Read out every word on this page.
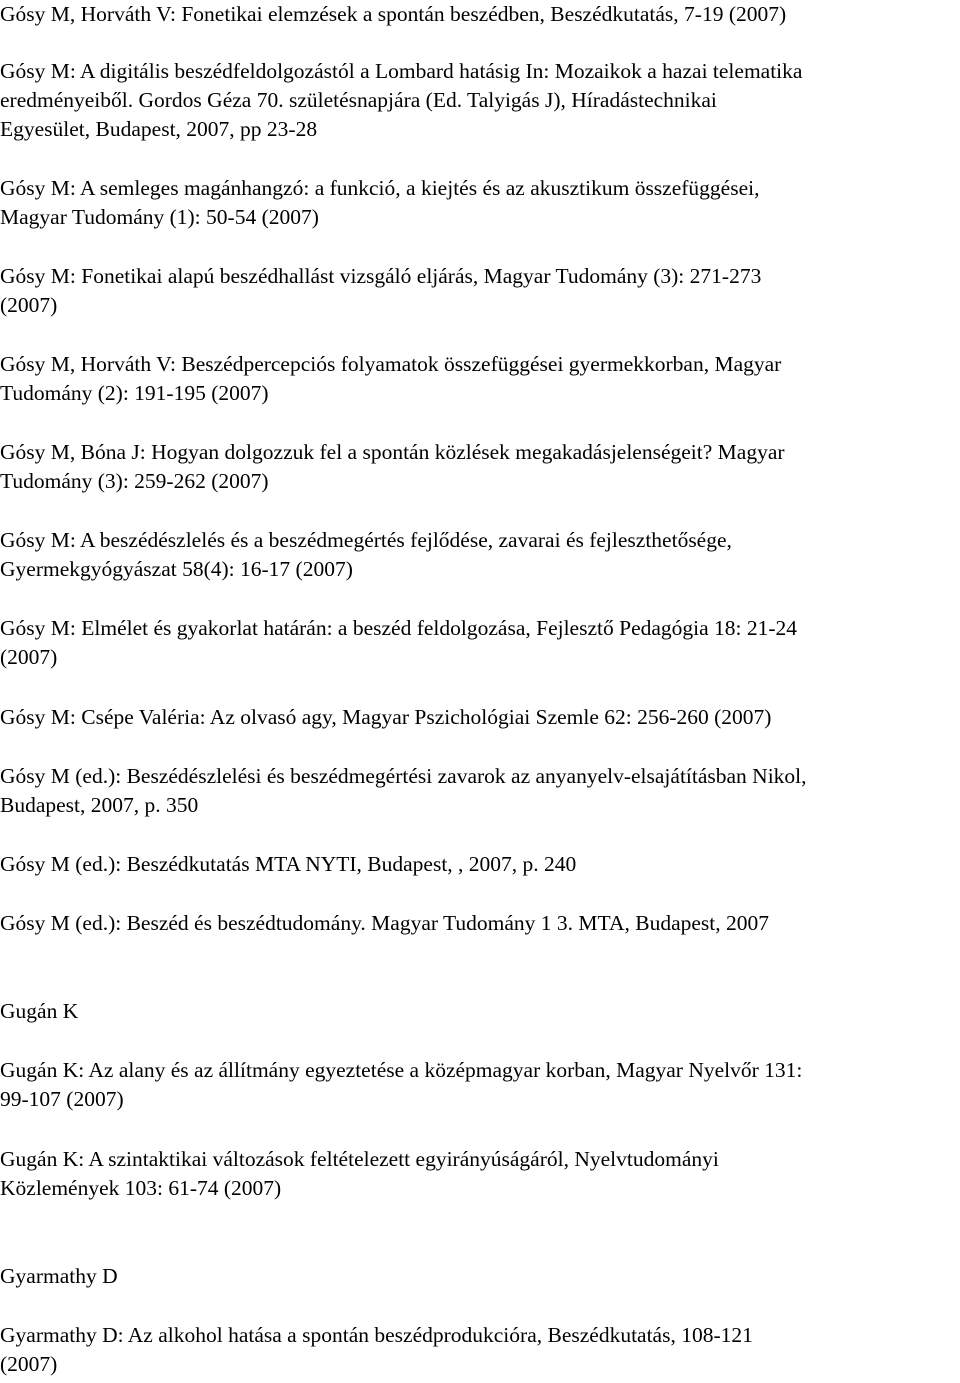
Gósy M, Horváth V: Fonetikai elemzések a spontán beszédben, Beszédkutatás, 7-19 (2007)
Gósy M: A digitális beszédfeldolgozástól a Lombard hatásig In: Mozaikok a hazai telematika
eredményeiből. Gordos Géza 70. születésnapjára (Ed. Talyigás J), Híradástechnikai
Egyesület, Budapest, 2007, pp 23-28
Gósy M: A semleges magánhangzó: a funkció, a kiejtés és az akusztikum összefüggései,
Magyar Tudomány (1): 50-54 (2007)
Gósy M: Fonetikai alapú beszédhallást vizsgáló eljárás, Magyar Tudomány (3): 271-273
(2007)
Gósy M, Horváth V: Beszédpercepciós folyamatok összefüggései gyermekkorban, Magyar
Tudomány (2): 191-195 (2007)
Gósy M, Bóna J: Hogyan dolgozzuk fel a spontán közlések megakadásjelenségeit? Magyar
Tudomány (3): 259-262 (2007)
Gósy M: A beszédészlelés és a beszédmegértés fejlődése, zavarai és fejleszthetősége,
Gyermekgyógyászat 58(4): 16-17 (2007)
Gósy M: Elmélet és gyakorlat határán: a beszéd feldolgozása, Fejlesztő Pedagógia 18: 21-24
(2007)
Gósy M: Csépe Valéria: Az olvasó agy, Magyar Pszichológiai Szemle 62: 256-260 (2007)
Gósy M (ed.): Beszédészlelési és beszédmegértési zavarok az anyanyelv-elsajátításban Nikol,
Budapest, 2007, p. 350
Gósy M (ed.): Beszédkutatás MTA NYTI, Budapest, , 2007, p. 240
Gósy M (ed.): Beszéd és beszédtudomány. Magyar Tudomány 1 3. MTA, Budapest, 2007
Gugán K
Gugán K: Az alany és az állítmány egyeztetése a középmagyar korban, Magyar Nyelvőr 131:
99-107 (2007)
Gugán K: A szintaktikai változások feltételezett egyirányúságáról, Nyelvtudományi
Közlemények 103: 61-74 (2007)
Gyarmathy D
Gyarmathy D: Az alkohol hatása a spontán beszédprodukcióra, Beszédkutatás, 108-121
(2007)
